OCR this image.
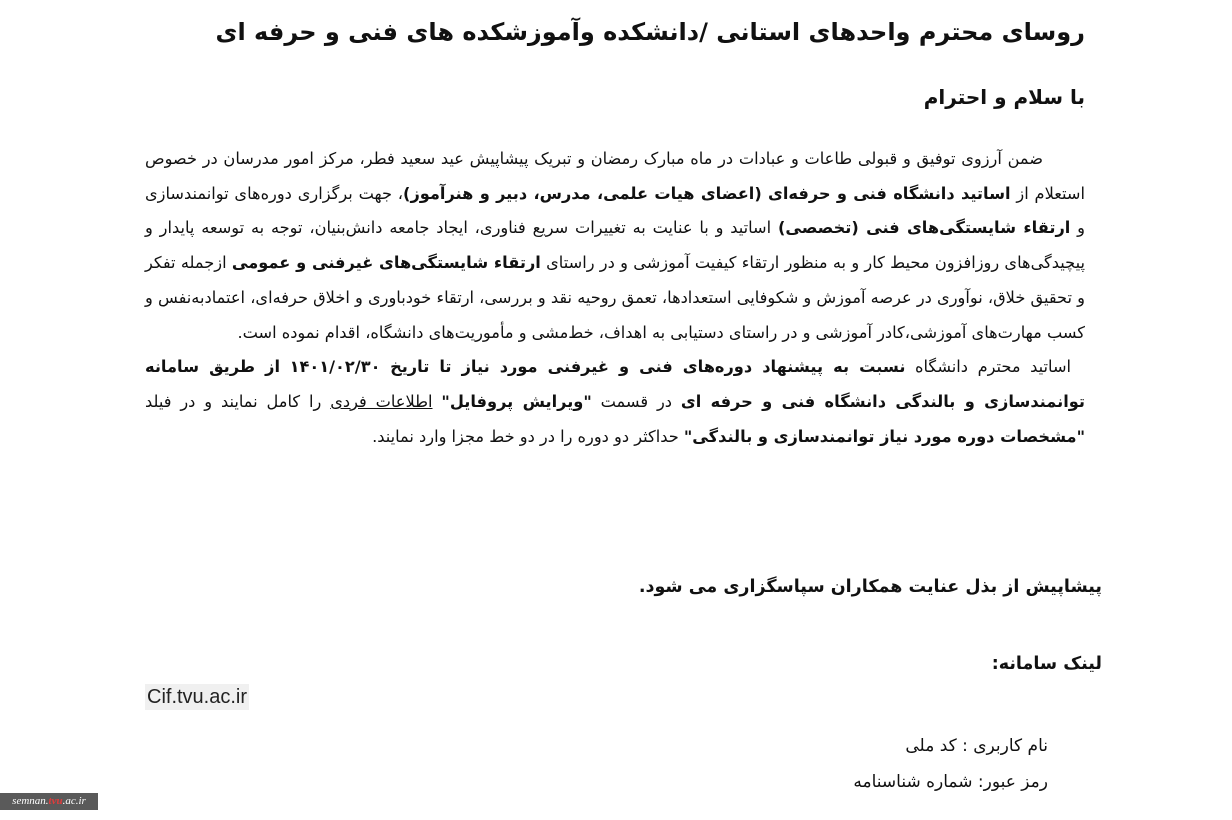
روسای محترم واحدهای استانی /دانشکده وآموزشکده های فنی و حرفه ای

با سلام و احترام

ضمن آرزوی توفیق و قبولی طاعات و عبادات در ماه مبارک رمضان و تبریک پیشاپیش عید سعید فطر، مرکز امور مدرسان در خصوص استعلام از اساتید دانشگاه فنی و حرفه‌ای (اعضای هیات علمی، مدرس، دبیر و هنرآموز)، جهت برگزاری دوره‌های توانمندسازی و ارتقاء شایستگی‌های فنی (تخصصی) اساتید و با عنایت به تغییرات سریع فناوری، ایجاد جامعه دانش‌بنیان، توجه به توسعه پایدار و پیچیدگی‌های روزافزون محیط کار و به منظور ارتقاء کیفیت آموزشی و در راستای ارتقاء شایستگی‌های غیرفنی و عمومی ازجمله تفکر و تحقیق خلاق، نوآوری در عرصه آموزش و شکوفایی استعدادها، تعمق روحیه نقد و بررسی، ارتقاء خودباوری و اخلاق حرفه‌ای، اعتمادبه‌نفس و کسب مهارت‌های آموزشی،کادر آموزشی و در راستای دستیابی به اهداف، خط‌مشی و مأموریت‌های دانشگاه، اقدام نموده است.

اساتید محترم دانشگاه نسبت به پیشنهاد دوره‌های فنی و غیرفنی مورد نیاز تا تاریخ ۱۴۰۱/۰۲/۳۰ از طریق سامانه توانمندسازی و بالندگی دانشگاه فنی و حرفه ای در قسمت "ویرایش پروفایل" اطلاعات فردی را کامل نمایند و در فیلد "مشخصات دوره مورد نیاز توانمندسازی و بالندگی" حداکثر دو دوره را در دو خط مجزا وارد نمایند.

پیشاپیش از بذل عنایت همکاران سپاسگزاری می شود.

لینک سامانه:

Cif.tvu.ac.ir

نام کاربری : کد ملی

رمز عبور: شماره شناسنامه

semnan.tvu.ac.ir
